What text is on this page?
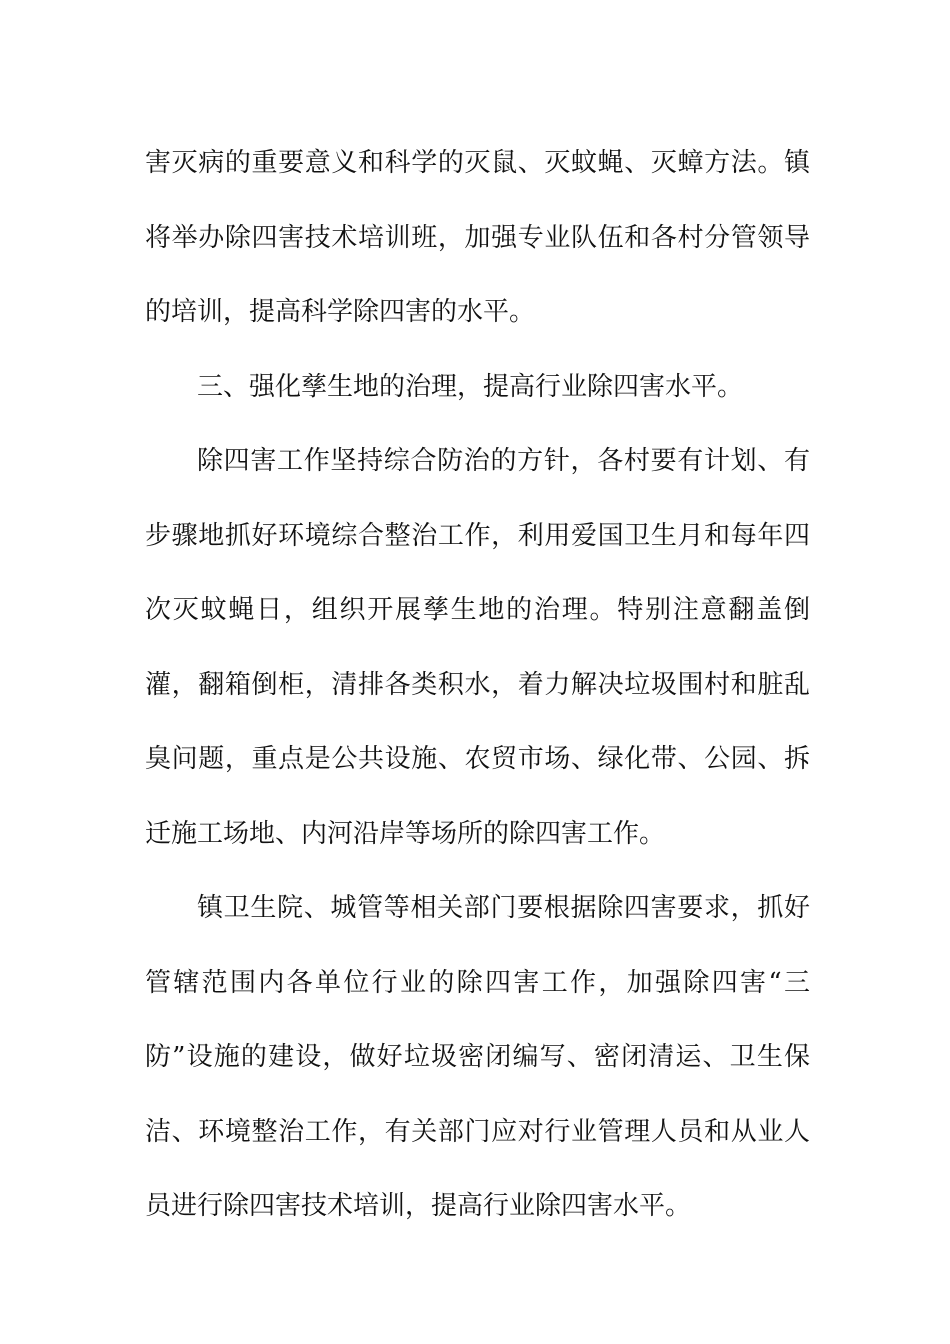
害灭病的重要意义和科学的灭鼠、灭蚊蝇、灭蟑方法。镇将举办除四害技术培训班，加强专业队伍和各村分管领导的培训，提高科学除四害的水平。

三、强化孳生地的治理，提高行业除四害水平。

除四害工作坚持综合防治的方针，各村要有计划、有步骤地抓好环境综合整治工作，利用爱国卫生月和每年四次灭蚊蝇日，组织开展孳生地的治理。特别注意翻盖倒灌，翻箱倒柜，清排各类积水，着力解决垃圾围村和脏乱臭问题，重点是公共设施、农贸市场、绿化带、公园、拆迁施工场地、内河沿岸等场所的除四害工作。

镇卫生院、城管等相关部门要根据除四害要求，抓好管辖范围内各单位行业的除四害工作，加强除四害“三防”设施的建设，做好垃圾密闭编写、密闭清运、卫生保洁、环境整治工作，有关部门应对行业管理人员和从业人员进行除四害技术培训，提高行业除四害水平。
